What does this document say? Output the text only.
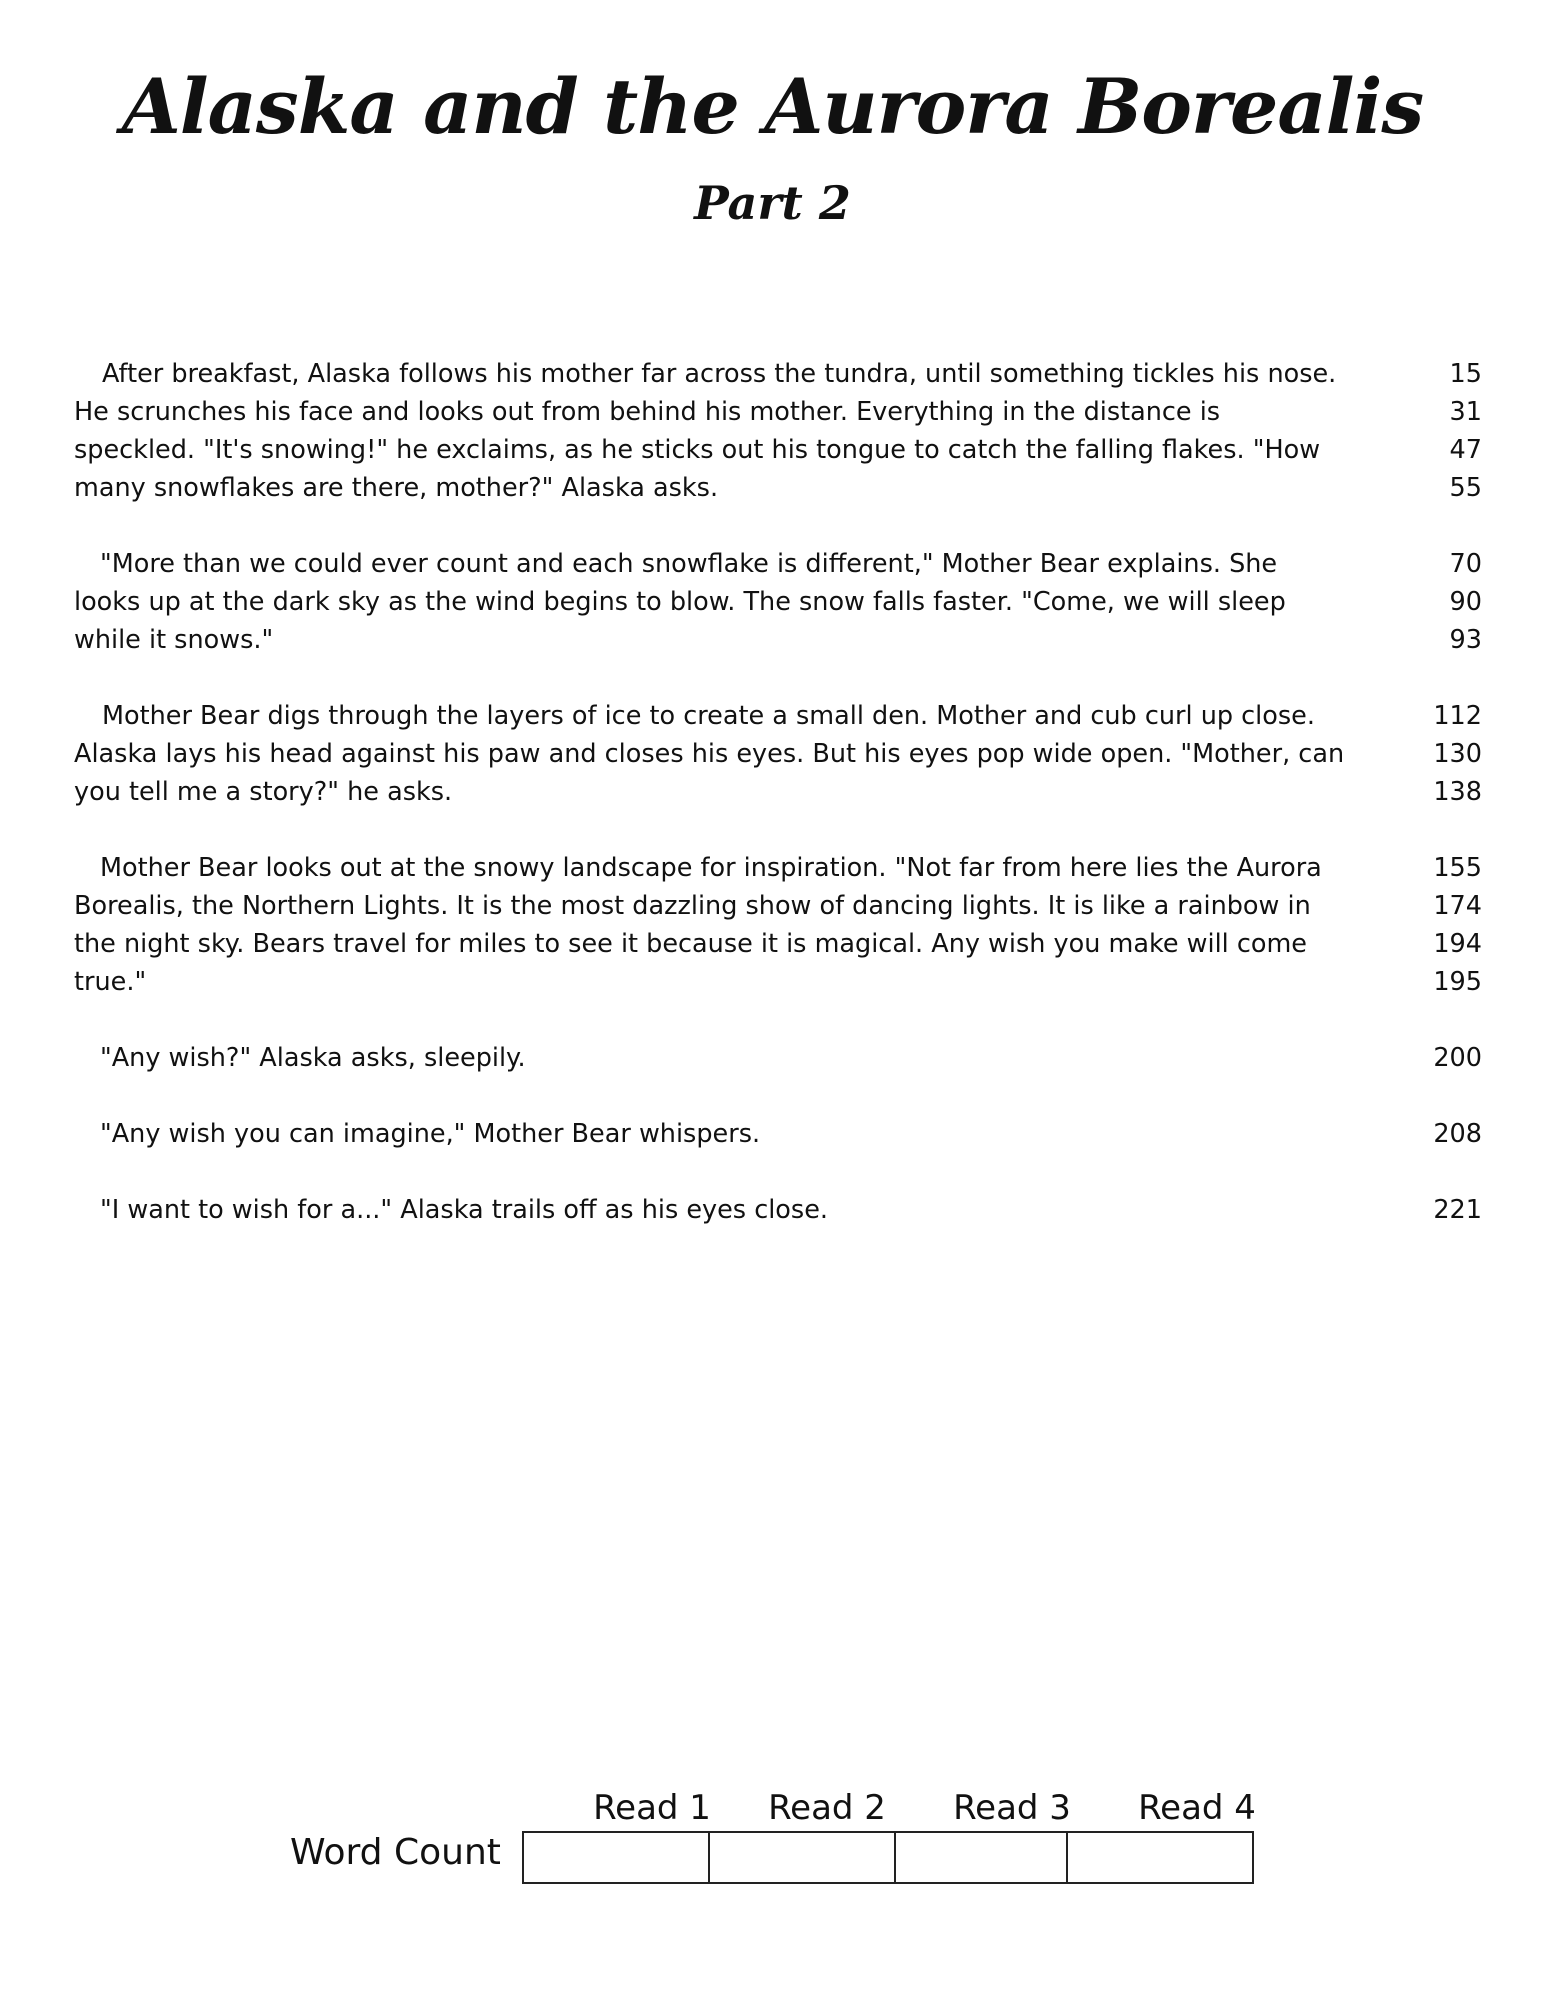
Alaska and the Aurora Borealis
Part 2
After breakfast, Alaska follows his mother far across the tundra, until something tickles his nose.	15
He scrunches his face and looks out from behind his mother. Everything in the distance is	31
speckled. "It's snowing!" he exclaims, as he sticks out his tongue to catch the falling flakes. "How	47
many snowflakes are there, mother?" Alaska asks.	55
"More than we could ever count and each snowflake is different," Mother Bear explains. She	70
looks up at the dark sky as the wind begins to blow. The snow falls faster. "Come, we will sleep	90
while it snows."	93
Mother Bear digs through the layers of ice to create a small den. Mother and cub curl up close.	112
Alaska lays his head against his paw and closes his eyes. But his eyes pop wide open. "Mother, can	130
you tell me a story?" he asks.	138
Mother Bear looks out at the snowy landscape for inspiration. "Not far from here lies the Aurora	155
Borealis, the Northern Lights. It is the most dazzling show of dancing lights. It is like a rainbow in	174
the night sky. Bears travel for miles to see it because it is magical. Any wish you make will come	194
true."	195
"Any wish?" Alaska asks, sleepily.	200
"Any wish you can imagine," Mother Bear whispers.	208
"I want to wish for a..." Alaska trails off as his eyes close.	221
Word Count
Read 1	Read 2	Read 3	Read 4
